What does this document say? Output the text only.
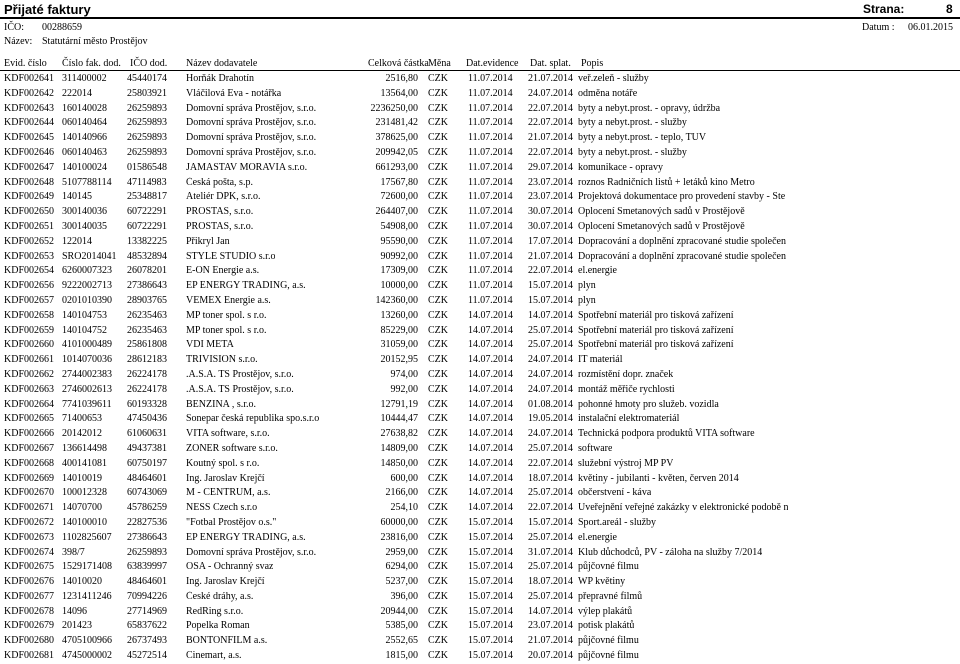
Přijaté faktury	Strana:	8
IČO: 00288659
Název: Statutární město Prostějov
Datum : 06.01.2015
Evid. číslo Číslo fak. dod. IČO dod. Název dodavatele	Celková částka Měna Dat.evidence Dat. splat. Popis
KDF002641 311400002 45440174 Horňák Drahotín	2516,80 CZK 11.07.2014 21.07.2014 veř.zeleň - služby
KDF002642 222014	25803921 Vláčilová Eva - notářka	13564,00 CZK 11.07.2014 24.07.2014 odměna notáře
KDF002643 160140028 26259893 Domovní správa Prostějov, s.r.o.	2236250,00 CZK 11.07.2014 22.07.2014 byty a nebyt.prost. - opravy, údržba
KDF002644 060140464 26259893 Domovní správa Prostějov, s.r.o.	231481,42 CZK 11.07.2014 22.07.2014 byty a nebyt.prost. - služby
KDF002645 140140966 26259893 Domovní správa Prostějov, s.r.o.	378625,00 CZK 11.07.2014 21.07.2014 byty a nebyt.prost. - teplo, TUV
KDF002646 060140463 26259893 Domovní správa Prostějov, s.r.o.	209942,05 CZK 11.07.2014 22.07.2014 byty a nebyt.prost. - služby
KDF002647 140100024 01586548 JAMASTAV MORAVIA s.r.o.	661293,00 CZK 11.07.2014 29.07.2014 komunikace - opravy
KDF002648 5107788114 47114983 Česká pošta, s.p.	17567,80 CZK 11.07.2014 23.07.2014 roznos Radničních listů + letáků kino Metro
KDF002649 140145	25348817 Ateliér DPK, s.r.o.	72600,00 CZK 11.07.2014 23.07.2014 Projektová dokumentace pro provedení stavby - Ste
KDF002650 300140036 60722291 PROSTAS, s.r.o.	264407,00 CZK 11.07.2014 30.07.2014 Oplocení Smetanových sadů v Prostějově
KDF002651 300140035 60722291 PROSTAS, s.r.o.	54908,00 CZK 11.07.2014 30.07.2014 Oplocení Smetanových sadů v Prostějově
KDF002652 122014	13382225 Přikryl Jan	95590,00 CZK 11.07.2014 17.07.2014 Dopracování a doplnění zpracované studie společen
KDF002653 SRO2014041 48532894 STYLE STUDIO s.r.o	90992,00 CZK 11.07.2014 21.07.2014 Dopracování a doplnění zpracované studie společen
KDF002654 6260007323 26078201 E-ON Energie a.s.	17309,00 CZK 11.07.2014 22.07.2014 el.energie
KDF002656 9222002713 27386643 EP ENERGY TRADING, a.s.	10000,00 CZK 11.07.2014 15.07.2014 plyn
KDF002657 0201010390 28903765 VEMEX Energie a.s.	142360,00 CZK 11.07.2014 15.07.2014 plyn
KDF002658 140104753 26235463 MP toner spol. s r.o.	13260,00 CZK 14.07.2014 14.07.2014 Spotřební materiál pro tisková zařízení
KDF002659 140104752 26235463 MP toner spol. s r.o.	85229,00 CZK 14.07.2014 25.07.2014 Spotřební materiál pro tisková zařízení
KDF002660 4101000489 25861808 VDI META	31059,00 CZK 14.07.2014 25.07.2014 Spotřební materiál pro tisková zařízení
KDF002661 1014070036 28612183 TRIVISION s.r.o.	20152,95 CZK 14.07.2014 24.07.2014 IT materiál
KDF002662 2744002383 26224178 .A.S.A. TS Prostějov, s.r.o.	974,00 CZK 14.07.2014 24.07.2014 rozmístění dopr. značek
KDF002663 2746002613 26224178 .A.S.A. TS Prostějov, s.r.o.	992,00 CZK 14.07.2014 24.07.2014 montáž měřiče rychlosti
KDF002664 7741039611 60193328 BENZINA , s.r.o.	12791,19 CZK 14.07.2014 01.08.2014 pohonné hmoty pro služeb. vozidla
KDF002665 71400653	47450436 Sonepar česká republika spo.s.r.o	10444,47 CZK 14.07.2014 19.05.2014 instalační elektromateriál
KDF002666 20142012	61060631 VITA software, s.r.o.	27638,82 CZK 14.07.2014 24.07.2014 Technická podpora produktů VITA software
KDF002667 136614498 49437381 ZONER software s.r.o.	14809,00 CZK 14.07.2014 25.07.2014 software
KDF002668 400141081 60750197 Koutný spol. s r.o.	14850,00 CZK 14.07.2014 22.07.2014 služební výstroj MP PV
KDF002669 14010019	48464601 Ing. Jaroslav Krejčí	600,00 CZK 14.07.2014 18.07.2014 květiny - jubilanti - květen, červen 2014
KDF002670 100012328 60743069 M - CENTRUM, a.s.	2166,00 CZK 14.07.2014 25.07.2014 občerstvení - káva
KDF002671 14070700	45786259 NESS Czech s.r.o	254,10 CZK 14.07.2014 22.07.2014 Uveřejnění veřejné zakázky v elektronické podobě n
KDF002672 140100010 22827536 "Fotbal Prostějov o.s."	60000,00 CZK 15.07.2014 15.07.2014 Sport.areál - služby
KDF002673 1102825607 27386643 EP ENERGY TRADING, a.s.	23816,00 CZK 15.07.2014 25.07.2014 el.energie
KDF002674 398/7	26259893 Domovní správa Prostějov, s.r.o.	2959,00 CZK 15.07.2014 31.07.2014 Klub důchodců, PV - záloha na služby 7/2014
KDF002675 1529171408 63839997 OSA - Ochranný svaz	6294,00 CZK 15.07.2014 25.07.2014 půjčovné filmu
KDF002676 14010020	48464601 Ing. Jaroslav Krejčí	5237,00 CZK 15.07.2014 18.07.2014 WP květiny
KDF002677 1231411246 70994226 České dráhy, a.s.	396,00 CZK 15.07.2014 25.07.2014 přepravné filmů
KDF002678 14096	27714969 RedRing s.r.o.	20944,00 CZK 15.07.2014 14.07.2014 výlep plakátů
KDF002679 201423	65837622 Popelka Roman	5385,00 CZK 15.07.2014 23.07.2014 potisk plakátů
KDF002680 4705100966 26737493 BONTONFILM a.s.	2552,65 CZK 15.07.2014 21.07.2014 půjčovné filmu
KDF002681 4745000002 45272514 Cinemart, a.s.	1815,00 CZK 15.07.2014 20.07.2014 půjčovné filmu
